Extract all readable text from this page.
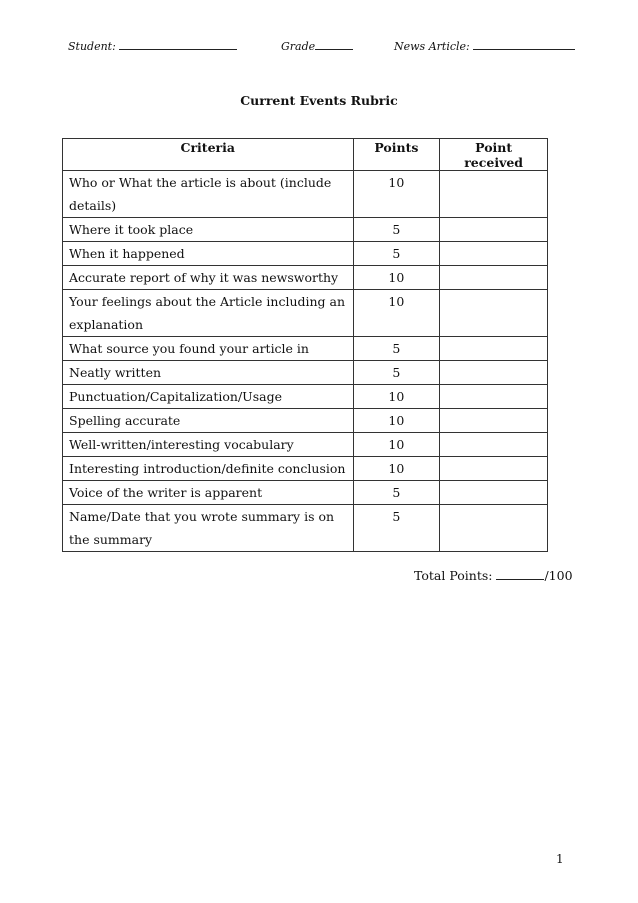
Student:	Grade	News Article:
Current Events Rubric
Criteria	Points	Point received
Who or What the article is about (include details)	10	
Where it took place	5	
When it happened	5	
Accurate report of why it was newsworthy	10	
Your feelings about the Article including an explanation	10	
What source you found your article in	5	
Neatly written	5	
Punctuation/Capitalization/Usage	10	
Spelling accurate	10	
Well-written/interesting vocabulary	10	
Interesting introduction/definite conclusion	10	
Voice of the writer is apparent	5	
Name/Date that you wrote summary is on the summary	5	
Total Points:	/100
1
